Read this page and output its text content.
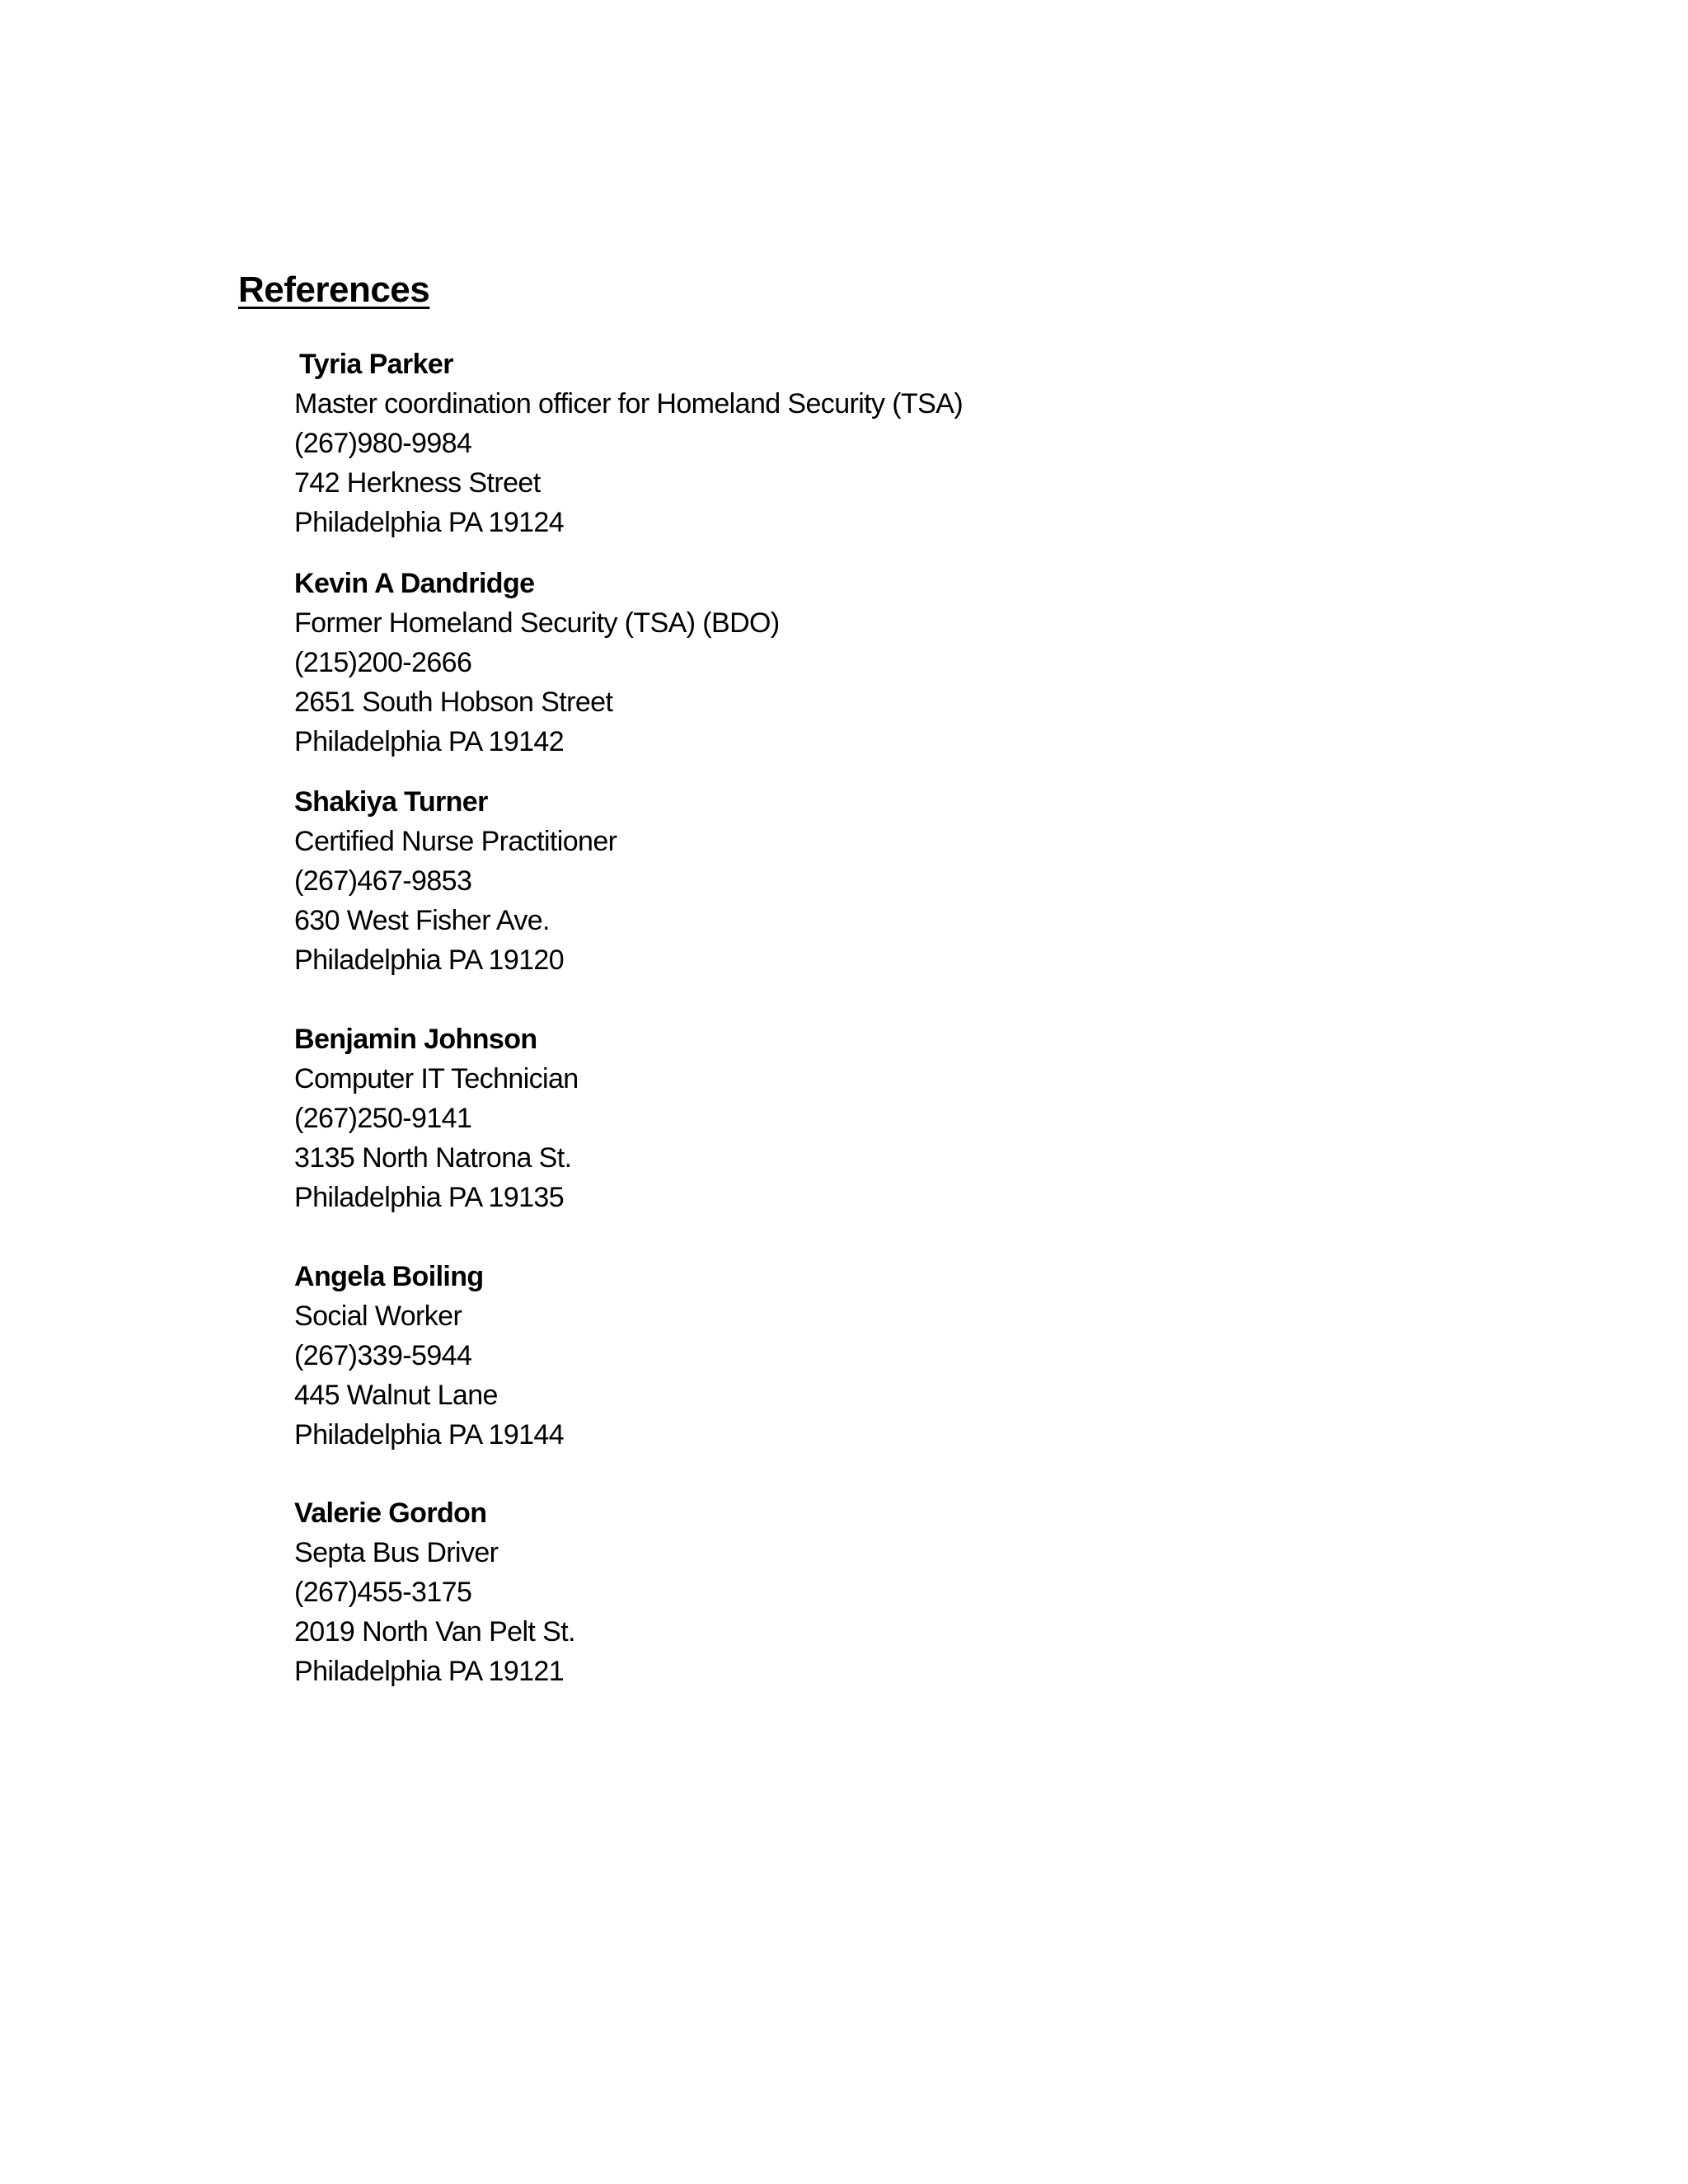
References
Tyria Parker
Master coordination officer for Homeland Security (TSA)
(267)980-9984
742 Herkness Street
Philadelphia PA 19124
Kevin A Dandridge
Former Homeland Security (TSA) (BDO)
(215)200-2666
2651 South Hobson Street
Philadelphia PA 19142
Shakiya Turner
Certified Nurse Practitioner
(267)467-9853
630 West Fisher Ave.
Philadelphia PA 19120
Benjamin Johnson
Computer IT Technician
(267)250-9141
3135 North Natrona St.
Philadelphia PA 19135
Angela Boiling
Social Worker
(267)339-5944
445 Walnut Lane
Philadelphia PA 19144
Valerie Gordon
Septa Bus Driver
(267)455-3175
2019 North Van Pelt St.
Philadelphia PA 19121
